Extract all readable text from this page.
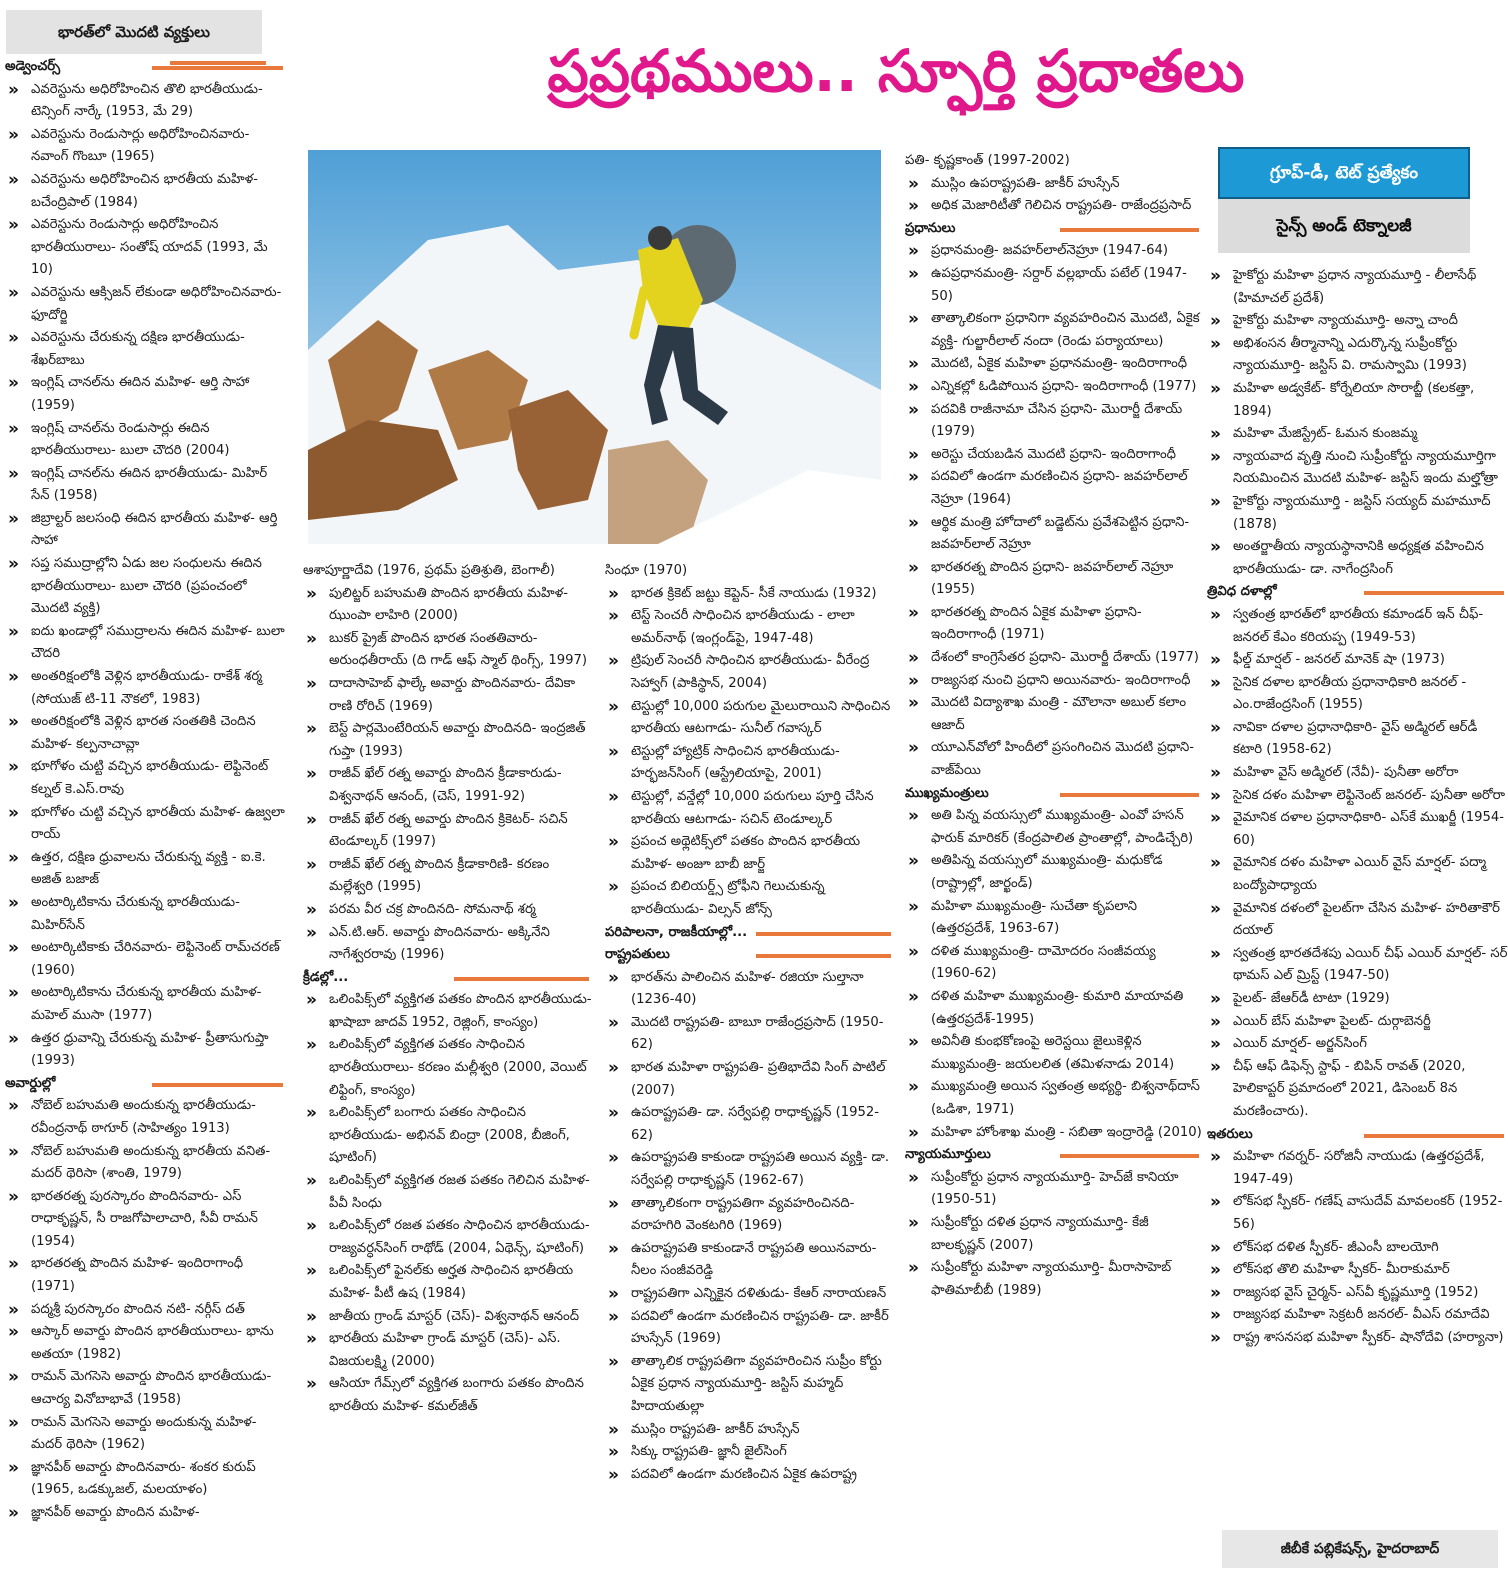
భారత్‌లో మొదటి వ్యక్తులు
ప్రప్రథములు.. స్ఫూర్తి ప్రదాతలు
గ్రూప్‌-డీ, టెట్‌ ప్రత్యేకం
సైన్స్‌ అండ్‌ టెక్నాలజీ

అడ్వెంచర్స్‌

» ఎవరెస్టును అధిరోహించిన తొలి భారతీయుడు- టెన్సింగ్‌ నార్కే (1953, మే 29)

» ఎవరెస్టును రెండుసార్లు అధిరోహించినవారు- నవాంగ్‌ గొంబూ (1965)

» ఎవరెస్టును అధిరోహించిన భారతీయ మహిళ- బచేంద్రిపాల్‌ (1984)

» ఎవరెస్టును రెండుసార్లు అధిరోహించిన భారతీయురాలు- సంతోష్‌ యాదవ్‌ (1993, మే 10)

» ఎవరెస్టును ఆక్సిజన్‌ లేకుండా అధిరోహించినవారు- ఫూదోర్జి

» ఎవరెస్టును చేరుకున్న దక్షిణ భారతీయుడు- శేఖర్‌బాబు

» ఇంగ్లిష్‌ చానల్‌ను ఈదిన మహిళ- ఆర్తి సాహా (1959)

» ఇంగ్లిష్‌ చానల్‌ను రెండుసార్లు ఈదిన భారతీయురాలు- బులా చౌదరి (2004)

» ఇంగ్లిష్‌ చానల్‌ను ఈదిన భారతీయుడు- మిహిర్‌ సేన్‌ (1958)

» జిబ్రాల్టర్‌ జలసంధి ఈదిన భారతీయ మహిళ- ఆర్తి సాహా

» సప్త సముద్రాల్లోని ఏడు జల సంధులను ఈదిన భారతీయురాలు- బులా చౌదరి (ప్రపంచంలో మొదటి వ్యక్తి)

» ఐదు ఖండాల్లో సముద్రాలను ఈదిన మహిళ- బులా చౌదరి

» అంతరిక్షంలోకి వెళ్లిన భారతీయుడు- రాకేశ్‌ శర్మ (సోయుజ్‌ టి-11 నౌకలో, 1983)

» అంతరిక్షంలోకి వెళ్లిన భారత సంతతికి చెందిన మహిళ- కల్పనాచావ్లా

» భూగోళం చుట్టి వచ్చిన భారతీయుడు- లెఫ్టినెంట్‌ కల్నల్‌ కె.ఎస్‌.రావు

» భూగోళం చుట్టి వచ్చిన భారతీయ మహిళ- ఉజ్వలా రాయ్‌

» ఉత్తర, దక్షిణ ధ్రువాలను చేరుకున్న వ్యక్తి - ఐ.కె. అజిత్‌ బజాజ్‌

» అంటార్కిటికాను చేరుకున్న భారతీయుడు- మిహిర్‌సేన్‌

» అంటార్కిటికాకు చేరినవారు- లెఫ్టినెంట్‌ రామ్‌చరణ్‌ (1960)

» అంటార్కిటికాను చేరుకున్న భారతీయ మహిళ- మహెల్‌ ముసా (1977)

» ఉత్తర ధ్రువాన్ని చేరుకున్న మహిళ- ప్రీతాసుగుప్తా (1993)

అవార్డుల్లో

» నోబెల్‌ బహుమతి అందుకున్న భారతీయుడు- రవీంద్రనాథ్‌ ఠాగూర్‌ (సాహిత్యం 1913)

» నోబెల్‌ బహుమతి అందుకున్న భారతీయ వనిత- మదర్‌ థెరిసా (శాంతి, 1979)

» భారతరత్న పురస్కారం పొందినవారు- ఎస్‌ రాధాకృష్ణన్‌, సీ రాజగోపాలాచారి, సీవీ రామన్‌ (1954)

» భారతరత్న పొందిన మహిళ- ఇందిరాగాంధీ (1971)

» పద్మశ్రీ పురస్కారం పొందిన నటి- నర్గీస్‌ దత్‌

» ఆస్కార్‌ అవార్డు పొందిన భారతీయురాలు- భాను అతయా (1982)

» రామన్‌ మెగసెసె అవార్డు పొందిన భారతీయుడు- ఆచార్య వినోబాభావే (1958)

» రామన్‌ మెగసెసె అవార్డు అందుకున్న మహిళ- మదర్‌ థెరిసా (1962)

» జ్ఞానపీఠ్‌ అవార్డు పొందినవారు- శంకర కురుప్‌ (1965, ఒడక్కుజల్‌, మలయాళం)

» జ్ఞానపీఠ్‌ అవార్డు పొందిన మహిళ-

ఆశాపూర్ణాదేవి (1976, ప్రథమ్‌ ప్రతిశ్రుతి, బెంగాలీ)

» పులిట్జర్‌ బహుమతి పొందిన భారతీయ మహిళ- ఝుంపా లాహిరి (2000)

» బుకర్‌ ప్రైజ్‌ పొందిన భారత సంతతివారు- అరుంధతీరాయ్‌ (ది గాడ్‌ ఆఫ్‌ స్మాల్‌ థింగ్స్‌, 1997)

» దాదాసాహెబ్‌ ఫాల్కే అవార్డు పొందినవారు- దేవికా రాణి రోరిచ్‌ (1969)

» బెస్ట్‌ పార్లమెంటేరియన్‌ అవార్డు పొందినది- ఇంద్రజిత్‌ గుప్తా (1993)

» రాజీవ్‌ ఖేల్‌ రత్న అవార్డు పొందిన క్రీడాకారుడు- విశ్వనాథన్‌ ఆనంద్‌, (చెస్‌, 1991-92)

» రాజీవ్‌ ఖేల్‌ రత్న అవార్డు పొందిన క్రికెటర్‌- సచిన్‌ టెండూల్కర్‌ (1997)

» రాజీవ్‌ ఖేల్‌ రత్న పొందిన క్రీడాకారిణి- కరణం మల్లేశ్వరి (1995)

» పరమ వీర చక్ర పొందినది- సోమనాథ్‌ శర్మ

» ఎన్‌.టి.ఆర్‌. అవార్డు పొందినవారు- అక్కినేని నాగేశ్వరరావు (1996)

క్రీడల్లో...

» ఒలింపిక్స్‌లో వ్యక్తిగత పతకం పొందిన భారతీయుడు- ఖాషాబా జాదవ్‌ 1952, రెజ్లింగ్‌, కాంస్యం)

» ఒలింపిక్స్‌లో వ్యక్తిగత పతకం సాధించిన భారతీయురాలు- కరణం మల్లీశ్వరి (2000, వెయిట్‌ లిఫ్టింగ్‌, కాంస్యం)

» ఒలింపిక్స్‌లో బంగారు పతకం సాధించిన భారతీయుడు- అభినవ్‌ బింద్రా (2008, బీజింగ్‌, షూటింగ్‌)

» ఒలింపిక్స్‌లో వ్యక్తిగత రజత పతకం గెలిచిన మహిళ- పీవీ సింధు

» ఒలింపిక్స్‌లో రజత పతకం సాధించిన భారతీయుడు- రాజ్యవర్ధన్‌సింగ్‌ రాథోడ్‌ (2004, ఏథెన్స్‌, షూటింగ్‌)

» ఒలింపిక్స్‌లో ఫైనల్‌కు అర్హత సాధించిన భారతీయ మహిళ- పీటీ ఉష (1984)

» జాతీయ గ్రాండ్‌ మాస్టర్‌ (చెస్‌)- విశ్వనాథన్‌ ఆనంద్‌

» భారతీయ మహిళా గ్రాండ్‌ మాస్టర్‌ (చెస్‌)- ఎస్‌. విజయలక్ష్మి (2000)

» ఆసియా గేమ్స్‌లో వ్యక్తిగత బంగారు పతకం పొందిన భారతీయ మహిళ- కమల్‌జీత్‌

సింధూ (1970)

» భారత క్రికెట్‌ జట్టు కెప్టెన్‌- సీకే నాయుడు (1932)

» టెస్ట్‌ సెంచరీ సాధించిన భారతీయుడు - లాలా అమర్‌నాథ్‌ (ఇంగ్లండ్‌పై, 1947-48)

» ట్రిపుల్‌ సెంచరీ సాధించిన భారతీయుడు- వీరేంద్ర సెహ్వాగ్‌ (పాకిస్థాన్‌, 2004)

» టెస్టుల్లో 10,000 పరుగుల మైలురాయిని సాధించిన భారతీయ ఆటగాడు- సునీల్‌ గవాస్కర్‌

» టెస్టుల్లో హ్యాట్రిక్‌ సాధించిన భారతీయుడు- హర్భజన్‌సింగ్‌ (ఆస్ట్రేలియాపై, 2001)

» టెస్టుల్లో, వన్డేల్లో 10,000 పరుగులు పూర్తి చేసిన భారతీయ ఆటగాడు- సచిన్‌ టెండూల్కర్‌

» ప్రపంచ అథ్లెటిక్స్‌లో పతకం పొందిన భారతీయ మహిళ- అంజూ బాబీ జార్జ్‌

» ప్రపంచ బిలియర్డ్స్‌ ట్రోఫీని గెలుచుకున్న భారతీయుడు- విల్సన్‌ జోన్స్‌

పరిపాలనా, రాజకీయాల్లో...

రాష్ట్రపతులు

» భారత్‌ను పాలించిన మహిళ- రజియా సుల్తానా (1236-40)

» మొదటి రాష్ట్రపతి- బాబూ రాజేంద్రప్రసాద్‌ (1950-62)

» భారత మహిళా రాష్ట్రపతి- ప్రతిభాదేవి సింగ్‌ పాటిల్‌ (2007)

» ఉపరాష్ట్రపతి- డా. సర్వేపల్లి రాధాకృష్ణన్‌ (1952-62)

» ఉపరాష్ట్రపతి కాకుండా రాష్ట్రపతి అయిన వ్యక్తి- డా. సర్వేపల్లి రాధాకృష్ణన్‌ (1962-67)

» తాత్కాలికంగా రాష్ట్రపతిగా వ్యవహరించినది- వరాహగిరి వెంకటగిరి (1969)

» ఉపరాష్ట్రపతి కాకుండానే రాష్ట్రపతి అయినవారు- నీలం సంజీవరెడ్డి

» రాష్ట్రపతిగా ఎన్నికైన దళితుడు- కేఆర్‌ నారాయణన్‌

» పదవిలో ఉండగా మరణించిన రాష్ట్రపతి- డా. జాకీర్‌ హుస్సేన్‌ (1969)

» తాత్కాలిక రాష్ట్రపతిగా వ్యవహరించిన సుప్రీం కోర్టు ఏకైక ప్రధాన న్యాయమూర్తి- జస్టిస్‌ మహ్మద్‌ హిదాయతుల్లా

» ముస్లిం రాష్ట్రపతి- జాకీర్‌ హుస్సేన్‌

» సిక్కు రాష్ట్రపతి- జ్ఞానీ జైల్‌సింగ్‌

» పదవిలో ఉండగా మరణించిన ఏకైక ఉపరాష్ట్ర

పతి- కృష్ణకాంత్‌ (1997-2002)

» ముస్లిం ఉపరాష్ట్రపతి- జాకీర్‌ హుస్సేన్‌

» అధిక మెజారిటీతో గెలిచిన రాష్ట్రపతి- రాజేంద్రప్రసాద్‌

ప్రధానులు

» ప్రధానమంత్రి- జవహర్‌లాల్‌నెహ్రూ (1947-64)

» ఉపప్రధానమంత్రి- సర్దార్‌ వల్లభాయ్‌ పటేల్‌ (1947-50)

» తాత్కాలికంగా ప్రధానిగా వ్యవహరించిన మొదటి, ఏకైక వ్యక్తి- గుల్జారీలాల్‌ నందా (రెండు పర్యాయాలు)

» మొదటి, ఏకైక మహిళా ప్రధానమంత్రి- ఇందిరాగాంధీ

» ఎన్నికల్లో ఓడిపోయిన ప్రధాని- ఇందిరాగాంధీ (1977)

» పదవికి రాజీనామా చేసిన ప్రధాని- మొరార్జీ దేశాయ్‌ (1979)

» అరెస్టు చేయబడిన మొదటి ప్రధాని- ఇందిరాగాంధీ

» పదవిలో ఉండగా మరణించిన ప్రధాని- జవహర్‌లాల్‌ నెహ్రూ (1964)

» ఆర్థిక మంత్రి హోదాలో బడ్జెట్‌ను ప్రవేశపెట్టిన ప్రధాని- జవహర్‌లాల్‌ నెహ్రూ

» భారతరత్న పొందిన ప్రధాని- జవహర్‌లాల్‌ నెహ్రూ (1955)

» భారతరత్న పొందిన ఏకైక మహిళా ప్రధాని- ఇందిరాగాంధీ (1971)

» దేశంలో కాంగ్రెసేతర ప్రధాని- మొరార్జీ దేశాయ్‌ (1977)

» రాజ్యసభ నుంచి ప్రధాని అయినవారు- ఇందిరాగాంధీ

» మొదటి విద్యాశాఖ మంత్రి - మౌలానా అబుల్‌ కలాం ఆజాద్‌

» యూఎన్‌వోలో హిందీలో ప్రసంగించిన మొదటి ప్రధాని- వాజ్‌పేయి

ముఖ్యమంత్రులు

» అతి పిన్న వయస్సులో ముఖ్యమంత్రి- ఎంవో హసన్‌ ఫారుక్‌ మారికర్‌ (కేంద్రపాలిత ప్రాంతాల్లో, పాండిచ్చేరి)

» అతిపిన్న వయస్సులో ముఖ్యమంత్రి- మధుకోడ (రాష్ట్రాల్లో, జార్ఖండ్‌)

» మహిళా ముఖ్యమంత్రి- సుచేతా కృపలాని (ఉత్తరప్రదేశ్‌, 1963-67)

» దళిత ముఖ్యమంత్రి- దామోదరం సంజీవయ్య (1960-62)

» దళిత మహిళా ముఖ్యమంత్రి- కుమారి మాయావతి (ఉత్తరప్రదేశ్‌-1995)

» అవినీతి కుంభకోణంపై అరెస్టయి జైలుకెళ్లిన ముఖ్యమంత్రి- జయలలిత (తమిళనాడు 2014)

» ముఖ్యమంత్రి అయిన స్వతంత్ర అభ్యర్థి- బిశ్వనాథ్‌దాస్‌ (ఒడిశా, 1971)

» మహిళా హోంశాఖ మంత్రి - సబితా ఇంద్రారెడ్డి (2010)

న్యాయమూర్తులు

» సుప్రీంకోర్టు ప్రధాన న్యాయమూర్తి- హెచ్‌జే కానియా (1950-51)

» సుప్రీంకోర్టు దళిత ప్రధాన న్యాయమూర్తి- కేజీ బాలకృష్ణన్‌ (2007)

» సుప్రీంకోర్టు మహిళా న్యాయమూర్తి- మీరాసాహెబ్‌ ఫాతిమాబీబీ (1989)

» హైకోర్టు మహిళా ప్రధాన న్యాయమూర్తి - లీలాసేథ్‌ (హిమాచల్‌ ప్రదేశ్‌)

» హైకోర్టు మహిళా న్యాయమూర్తి- అన్నా చాందీ

» అభిశంసన తీర్మానాన్ని ఎదుర్కొన్న సుప్రీంకోర్టు న్యాయమూర్తి- జస్టిస్‌ వి. రామస్వామి (1993)

» మహిళా అడ్వకేట్‌- కోర్నేలియా సొరాబ్జీ (కలకత్తా, 1894)

» మహిళా మేజిస్ట్రేట్‌- ఓమన కుంజమ్మ

» న్యాయవాద వృత్తి నుంచి సుప్రీంకోర్టు న్యాయమూర్తిగా నియమించిన మొదటి మహిళ- జస్టిస్‌ ఇందు మల్హోత్రా

» హైకోర్టు న్యాయమూర్తి - జస్టిస్‌ సయ్యద్‌ మహమూద్‌ (1878)

» అంతర్జాతీయ న్యాయస్థానానికి అధ్యక్షత వహించిన భారతీయుడు- డా. నాగేంద్రసింగ్‌

త్రివిధ దళాల్లో

» స్వతంత్ర భారత్‌లో భారతీయ కమాండర్‌ ఇన్‌ చీఫ్‌- జనరల్‌ కేఎం కరియప్ప (1949-53)

» ఫీల్డ్‌ మార్షల్‌ - జనరల్‌ మానెక్‌ షా (1973)

» సైనిక దళాల భారతీయ ప్రధానాధికారి జనరల్‌ - ఎం.రాజేంద్రసింగ్‌ (1955)

» నావికా దళాల ప్రధానాధికారి- వైస్‌ అడ్మిరల్‌ ఆర్‌డీ కటారి (1958-62)

» మహిళా వైస్‌ అడ్మిరల్‌ (నేవీ)- పునీతా అరోరా

» సైనిక దళం మహిళా లెఫ్టినెంట్‌ జనరల్‌- పునీతా అరోరా

» వైమానిక దళాల ప్రధానాధికారి- ఎస్‌కే ముఖర్జీ (1954-60)

» వైమానిక దళం మహిళా ఎయిర్‌ వైస్‌ మార్షల్‌- పద్మా బంద్యోపాధ్యాయ

» వైమానిక దళంలో పైలట్‌గా చేసిన మహిళ- హరితాకౌర్‌ దయాల్‌

» స్వతంత్ర భారతదేశపు ఎయిర్‌ చీఫ్‌ ఎయిర్‌ మార్షల్‌- సర్‌ థామస్‌ ఎల్‌ మ్రిస్ట్‌ (1947-50)

» పైలట్‌- జేఆర్‌డీ టాటా (1929)

» ఎయిర్‌ బేస్‌ మహిళా పైలట్‌- దుర్గాబెనర్జీ

» ఎయిర్‌ మార్షల్‌- అర్జన్‌సింగ్‌

» చీఫ్‌ ఆఫ్‌ డిఫెన్స్‌ స్టాఫ్‌ - బిపిన్‌ రావత్‌ (2020, హెలికాప్టర్‌ ప్రమాదంలో 2021, డిసెంబర్‌ 8న మరణించారు).

ఇతరులు

» మహిళా గవర్నర్‌- సరోజినీ నాయుడు (ఉత్తరప్రదేశ్‌, 1947-49)

» లోక్‌సభ స్పీకర్‌- గణేష్‌ వాసుదేవ్‌ మావలంకర్‌ (1952-56)

» లోక్‌సభ దళిత స్పీకర్‌- జీఎంసీ బాలయోగి

» లోక్‌సభ తొలి మహిళా స్పీకర్‌- మీరాకుమార్‌

» రాజ్యసభ వైస్‌ చైర్మన్‌- ఎస్‌వీ కృష్ణమూర్తి (1952)

» రాజ్యసభ మహిళా సెక్రటరీ జనరల్‌- వీఎస్‌ రమాదేవి

» రాష్ట్ర శాసనసభ మహిళా స్పీకర్‌- షానోదేవి (హర్యానా)

జీబీకే పబ్లికేషన్స్‌, హైదరాబాద్‌
